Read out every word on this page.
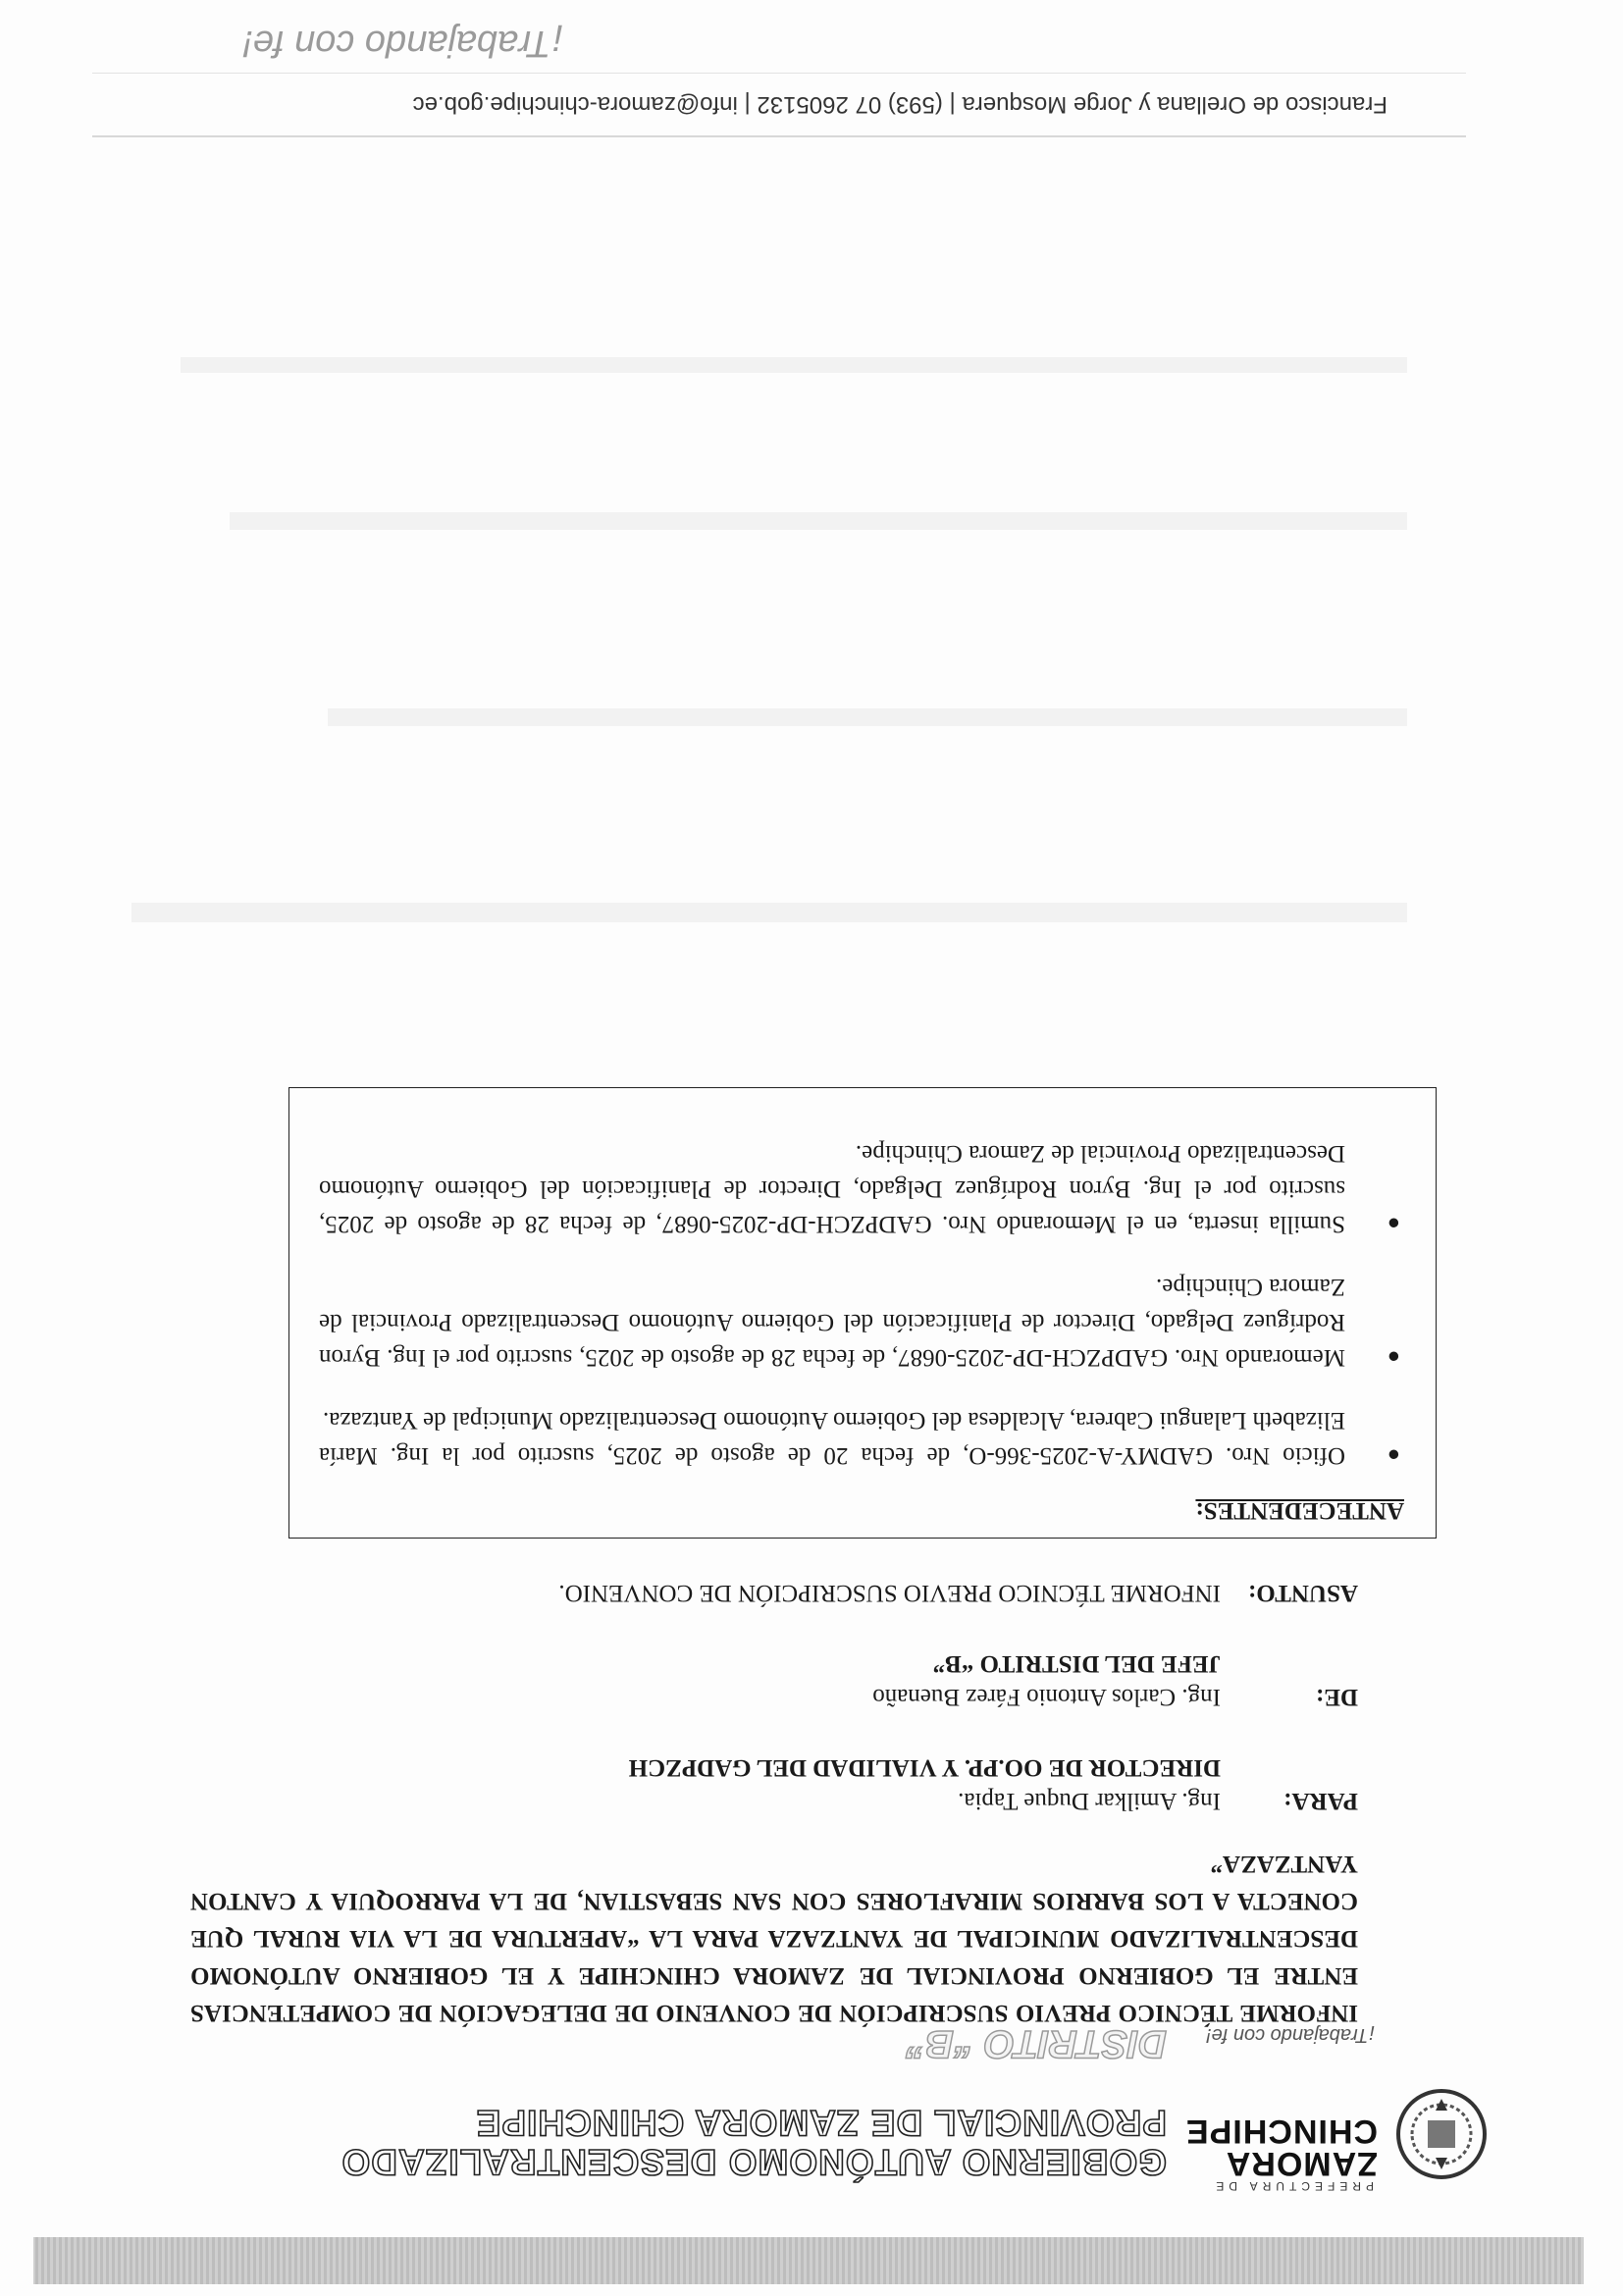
PREFECTURA DE
ZAMORA
CHINCHIPE
GOBIERNO AUTÓNOMO DESCENTRALIZADO
PROVINCIAL DE ZAMORA CHINCHIPE
DISTRITO “B” ¡Trabajando con fe!

INFORME TÉCNICO PREVIO SUSCRIPCIÓN DE CONVENIO DE DELEGACIÓN DE COMPETENCIAS ENTRE EL GOBIERNO PROVINCIAL DE ZAMORA CHINCHIPE Y EL GOBIERNO AUTÓNOMO DESCENTRALIZADO MUNICIPAL DE YANTZAZA PARA LA “APERTURA DE LA VIA RURAL QUE CONECTA A LOS BARRIOS MIRAFLORES CON SAN SEBASTIAN, DE LA PARROQUIA Y CANTON YANTZAZA”

PARA:
Ing. Amilkar Duque Tapia.
DIRECTOR DE OO.PP. Y VIALIDAD DEL GADPZCH
DE:
Ing. Carlos Antonio Fárez Buenaño
JEFE DEL DISTRITO “B”
ASUNTO:
INFORME TÉCNICO PREVIO SUSCRIPCIÓN DE CONVENIO.
ANTECEDENTES:
●
Oficio Nro. GADMY-A-2025-366-O, de fecha 20 de agosto de 2025, suscrito por la Ing. María Elizabeth Lalangui Cabrera, Alcaldesa del Gobierno Autónomo Descentralizado Municipal de Yantzaza.
●
Memorando Nro. GADPZCH-DP-2025-0687, de fecha 28 de agosto de 2025, suscrito por el Ing. Byron Rodríguez Delgado, Director de Planificación del Gobierno Autónomo Descentralizado Provincial de Zamora Chinchipe.
●
Sumilla inserta, en el Memorando Nro. GADPZCH-DP-2025-0687, de fecha 28 de agosto de 2025, suscrito por el Ing. Byron Rodríguez Delgado, Director de Planificación del Gobierno Autónomo Descentralizado Provincial de Zamora Chinchipe.
Francisco de Orellana y Jorge Mosquera | (593) 07 2605132 | info@zamora-chinchipe.gob.ec
¡Trabajando con fe!
